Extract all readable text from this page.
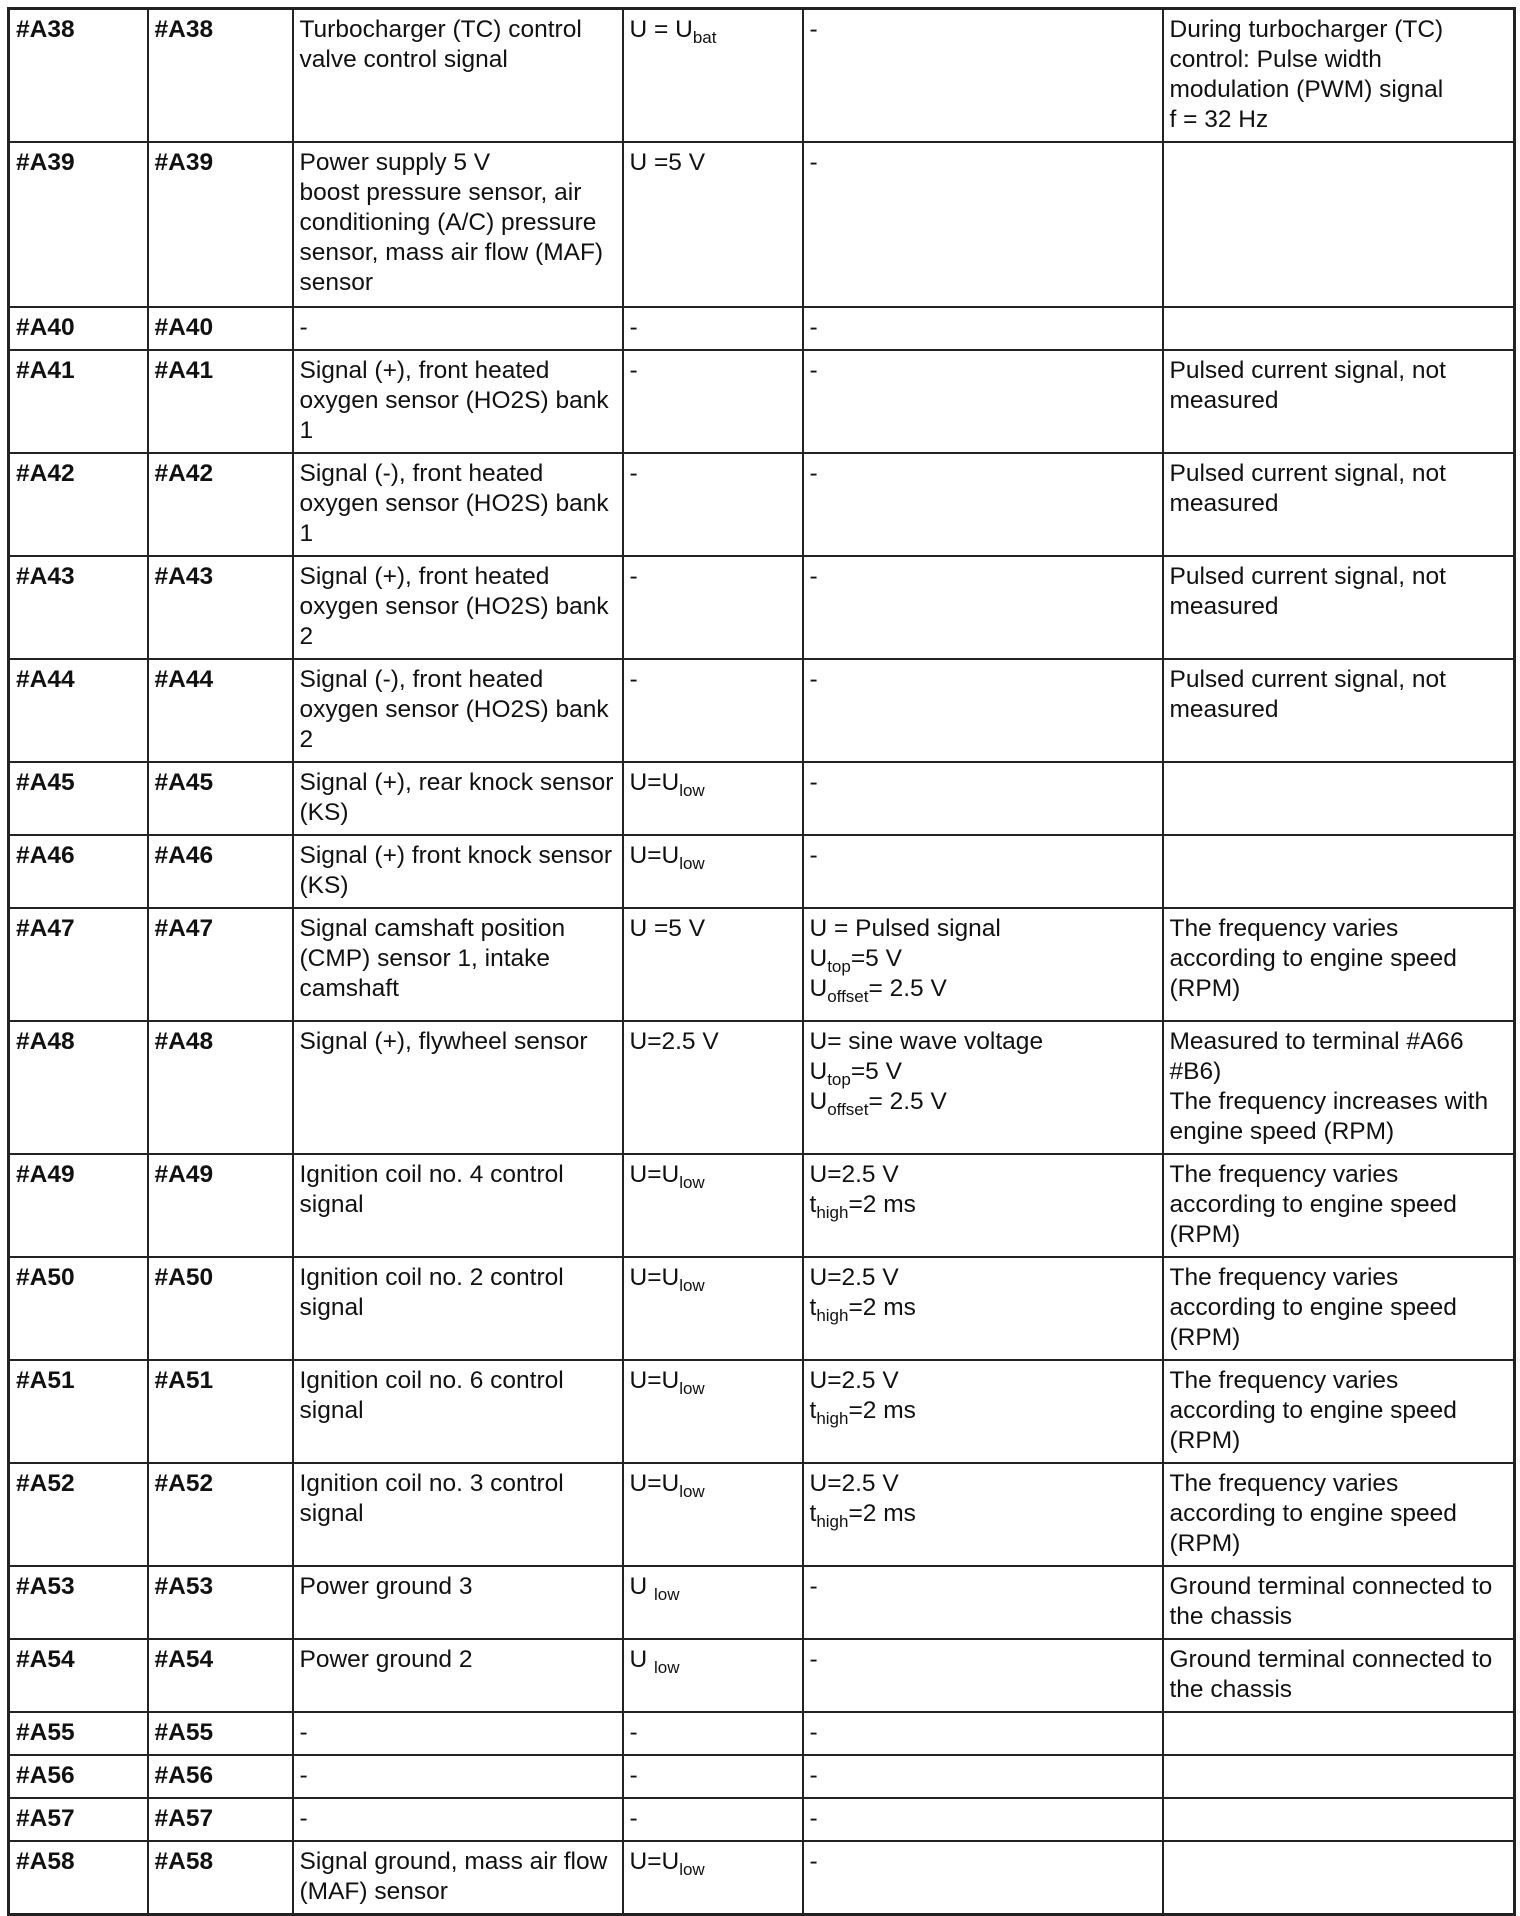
#A38	#A38	Turbocharger (TC) control valve control signal	$U = U_{bat}$	-	During turbocharger (TC) control: Pulse width modulation (PWM) signal
f = 32 Hz

#A39	#A39	Power supply 5 V
boost pressure sensor, air conditioning (A/C) pressure sensor, mass air flow (MAF) sensor	U =5 V	-	

#A40	#A40	-	-	-	

#A41	#A41	Signal (+), front heated oxygen sensor (HO2S) bank 1	-	-	Pulsed current signal, not measured

#A42	#A42	Signal (-), front heated oxygen sensor (HO2S) bank 1	-	-	Pulsed current signal, not measured

#A43	#A43	Signal (+), front heated oxygen sensor (HO2S) bank 2	-	-	Pulsed current signal, not measured

#A44	#A44	Signal (-), front heated oxygen sensor (HO2S) bank 2	-	-	Pulsed current signal, not measured

#A45	#A45	Signal (+), rear knock sensor (KS)	$U=U_{low}$	-	

#A46	#A46	Signal (+) front knock sensor (KS)	$U=U_{low}$	-	

#A47	#A47	Signal camshaft position (CMP) sensor 1, intake camshaft	U =5 V	U = Pulsed signal
$U_{top}=5$ V
$U_{offset}= 2.5$ V	The frequency varies according to engine speed (RPM)

#A48	#A48	Signal (+), flywheel sensor	U=2.5 V	U= sine wave voltage
$U_{top}=5$ V
$U_{offset}= 2.5$ V	Measured to terminal #A66 #B6)
The frequency increases with engine speed (RPM)

#A49	#A49	Ignition coil no. 4 control signal	$U=U_{low}$	U=2.5 V
$t_{high}=2$ ms	The frequency varies according to engine speed (RPM)

#A50	#A50	Ignition coil no. 2 control signal	$U=U_{low}$	U=2.5 V
$t_{high}=2$ ms	The frequency varies according to engine speed (RPM)

#A51	#A51	Ignition coil no. 6 control signal	$U=U_{low}$	U=2.5 V
$t_{high}=2$ ms	The frequency varies according to engine speed (RPM)

#A52	#A52	Ignition coil no. 3 control signal	$U=U_{low}$	U=2.5 V
$t_{high}=2$ ms	The frequency varies according to engine speed (RPM)

#A53	#A53	Power ground 3	U $_{low}$	-	Ground terminal connected to the chassis

#A54	#A54	Power ground 2	U $_{low}$	-	Ground terminal connected to the chassis

#A55	#A55	-	-	-	

#A56	#A56	-	-	-	

#A57	#A57	-	-	-	

#A58	#A58	Signal ground, mass air flow (MAF) sensor	$U=U_{low}$	-	
